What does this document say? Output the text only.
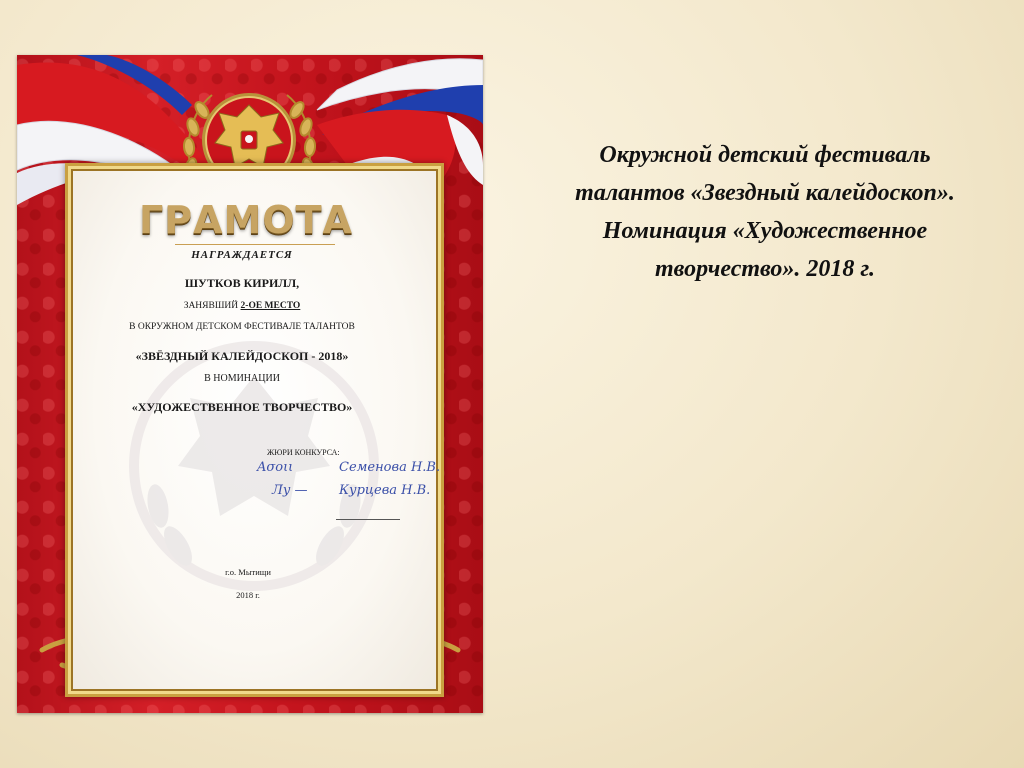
ГРАМОТА
НАГРАЖДАЕТСЯ
ШУТКОВ КИРИЛЛ,
ЗАНЯВШИЙ 2-ОЕ МЕСТО
В ОКРУЖНОМ ДЕТСКОМ ФЕСТИВАЛЕ ТАЛАНТОВ
«ЗВЁЗДНЫЙ КАЛЕЙДОСКОП - 2018»
В НОМИНАЦИИ
«ХУДОЖЕСТВЕННОЕ ТВОРЧЕСТВО»
ЖЮРИ КОНКУРСА:
Ασοιι	Семенова Н.В.
Лу — Курцева Н.В.
г.о. Мытищи
2018 г.
Окружной детский фестиваль
талантов «Звездный калейдоскоп».
Номинация «Художественное
творчество». 2018 г.
